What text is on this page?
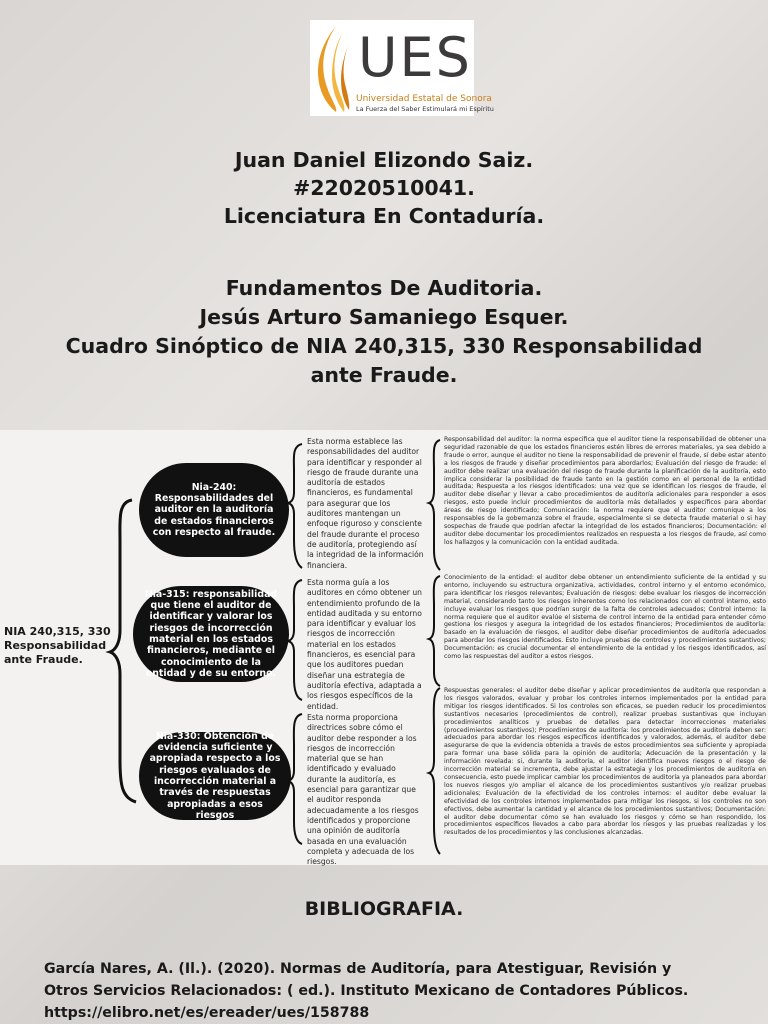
UES
Universidad Estatal de Sonora
La Fuerza del Saber Estimulará mi Espíritu
Juan Daniel Elizondo Saiz.
#22020510041.
Licenciatura En Contaduría.
Fundamentos De Auditoria.
Jesús Arturo Samaniego Esquer.
Cuadro Sinóptico de NIA 240,315, 330 Responsabilidad
ante Fraude.
NIA 240,315, 330 Responsabilidad ante Fraude.
Nia-240: Responsabilidades del auditor en la auditoría de estados financieros con respecto al fraude.
Nia-315: responsabilidad que tiene el auditor de identificar y valorar los riesgos de incorrección material en los estados financieros, mediante el conocimiento de la entidad y de su entorno.
Nia-330: Obtención de evidencia suficiente y apropiada respecto a los riesgos evaluados de incorrección material a través de respuestas apropiadas a esos riesgos
Esta norma establece las responsabilidades del auditor para identificar y responder al riesgo de fraude durante una auditoría de estados financieros, es fundamental para asegurar que los auditores mantengan un enfoque riguroso y consciente del fraude durante el proceso de auditoría, protegiendo así la integridad de la información financiera.
Esta norma guía a los auditores en cómo obtener un entendimiento profundo de la entidad auditada y su entorno para identificar y evaluar los riesgos de incorrección material en los estados financieros, es esencial para que los auditores puedan diseñar una estrategia de auditoría efectiva, adaptada a los riesgos específicos de la entidad.
Esta norma proporciona directrices sobre cómo el auditor debe responder a los riesgos de incorrección material que se han identificado y evaluado durante la auditoría, es esencial para garantizar que el auditor responda adecuadamente a los riesgos identificados y proporcione una opinión de auditoría basada en una evaluación completa y adecuada de los riesgos.
Responsabilidad del auditor: la norma especifica que el auditor tiene la responsabilidad de obtener una seguridad razonable de que los estados financieros estén libres de errores materiales, ya sea debido a fraude o error, aunque el auditor no tiene la responsabilidad de prevenir el fraude, sí debe estar atento a los riesgos de fraude y diseñar procedimientos para abordarlos; Evaluación del riesgo de fraude: el auditor debe realizar una evaluación del riesgo de fraude durante la planificación de la auditoría, esto implica considerar la posibilidad de fraude tanto en la gestión como en el personal de la entidad auditada; Respuesta a los riesgos identificados: una vez que se identifican los riesgos de fraude, el auditor debe diseñar y llevar a cabo procedimientos de auditoría adicionales para responder a esos riesgos, esto puede incluir procedimientos de auditoría más detallados y específicos para abordar áreas de riesgo identificado; Comunicación: la norma requiere que el auditor comunique a los responsables de la gobernanza sobre el fraude, especialmente si se detecta fraude material o si hay sospechas de fraude que podrían afectar la integridad de los estados financieros; Documentación: el auditor debe documentar los procedimientos realizados en respuesta a los riesgos de fraude, así como los hallazgos y la comunicación con la entidad auditada.
Conocimiento de la entidad: el auditor debe obtener un entendimiento suficiente de la entidad y su entorno, incluyendo su estructura organizativa, actividades, control interno y el entorno económico, para identificar los riesgos relevantes; Evaluación de riesgos: debe evaluar los riesgos de incorrección material, considerando tanto los riesgos inherentes como los relacionados con el control interno, esto incluye evaluar los riesgos que podrían surgir de la falta de controles adecuados; Control interno: la norma requiere que el auditor evalúe el sistema de control interno de la entidad para entender cómo gestiona los riesgos y asegura la integridad de los estados financieros; Procedimientos de auditoría: basado en la evaluación de riesgos, el auditor debe diseñar procedimientos de auditoría adecuados para abordar los riesgos identificados. Esto incluye pruebas de controles y procedimientos sustantivos; Documentación: es crucial documentar el entendimiento de la entidad y los riesgos identificados, así como las respuestas del auditor a estos riesgos.
Respuestas generales: el auditor debe diseñar y aplicar procedimientos de auditoría que respondan a los riesgos valorados, evaluar y probar los controles internos implementados por la entidad para mitigar los riesgos identificados. Si los controles son eficaces, se pueden reducir los procedimientos sustantivos necesarios (procedimientos de control), realizar pruebas sustantivas que incluyan procedimientos analíticos y pruebas de detalles para detectar incorrecciones materiales (procedimientos sustantivos); Procedimientos de auditoría: los procedimientos de auditoría deben ser: adecuados para abordar los riesgos específicos identificados y valorados, además, el auditor debe asegurarse de que la evidencia obtenida a través de estos procedimientos sea suficiente y apropiada para formar una base sólida para la opinión de auditoría; Adecuación de la presentación y la información revelada: si, durante la auditoría, el auditor identifica nuevos riesgos o el riesgo de incorrección material se incrementa, debe ajustar la estrategia y los procedimientos de auditoría en consecuencia, esto puede implicar cambiar los procedimientos de auditoría ya planeados para abordar los nuevos riesgos y/o ampliar el alcance de los procedimientos sustantivos y/o realizar pruebas adicionales; Evaluación de la efectividad de los controles internos: el auditor debe evaluar la efectividad de los controles internos implementados para mitigar los riesgos, si los controles no son efectivos, debe aumentar la cantidad y el alcance de los procedimientos sustantivos; Documentación: el auditor debe documentar cómo se han evaluado los riesgos y cómo se han respondido, los procedimientos específicos llevados a cabo para abordar los riesgos y las pruebas realizadas y los resultados de los procedimientos y las conclusiones alcanzadas.
BIBLIOGRAFIA.
García Nares, A. (Il.). (2020). Normas de Auditoría, para Atestiguar, Revisión y
Otros Servicios Relacionados: ( ed.). Instituto Mexicano de Contadores Públicos.
https://elibro.net/es/ereader/ues/158788
